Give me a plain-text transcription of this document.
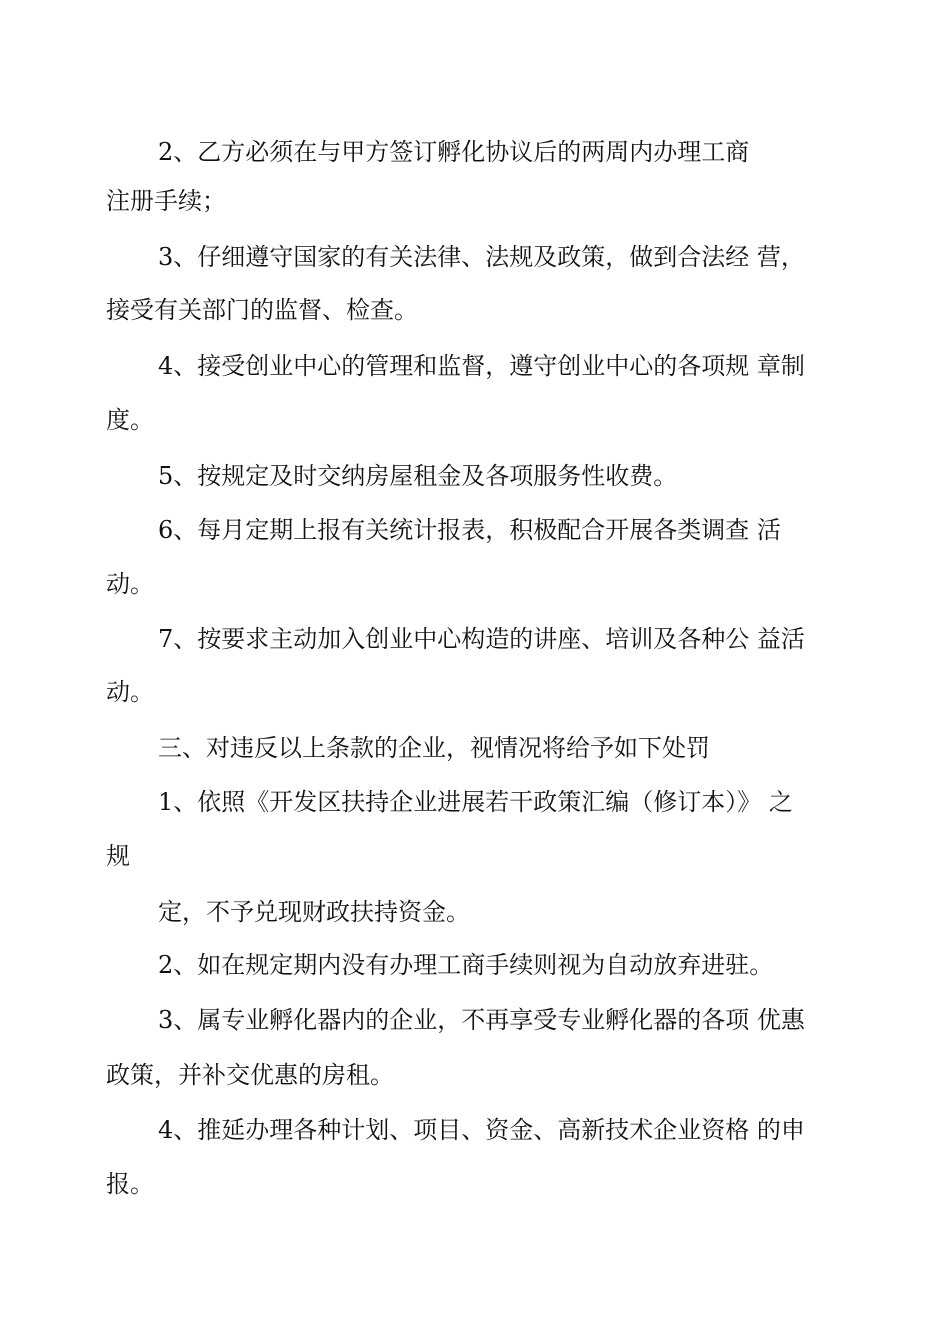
2、乙方必须在与甲方签订孵化协议后的两周内办理工商

注册手续；

3、仔细遵守国家的有关法律、法规及政策，做到合法经 营，

接受有关部门的监督、检查。

4、接受创业中心的管理和监督，遵守创业中心的各项规 章制

度。

5、按规定及时交纳房屋租金及各项服务性收费。

6、每月定期上报有关统计报表，积极配合开展各类调查 活

动。

7、按要求主动加入创业中心构造的讲座、培训及各种公 益活

动。

三、对违反以上条款的企业，视情况将给予如下处罚

1、依照《开发区扶持企业进展若干政策汇编（修订本）》 之

规

定，不予兑现财政扶持资金。

2、如在规定期内没有办理工商手续则视为自动放弃进驻。

3、属专业孵化器内的企业，不再享受专业孵化器的各项 优惠

政策，并补交优惠的房租。

4、推延办理各种计划、项目、资金、高新技术企业资格 的申

报。
